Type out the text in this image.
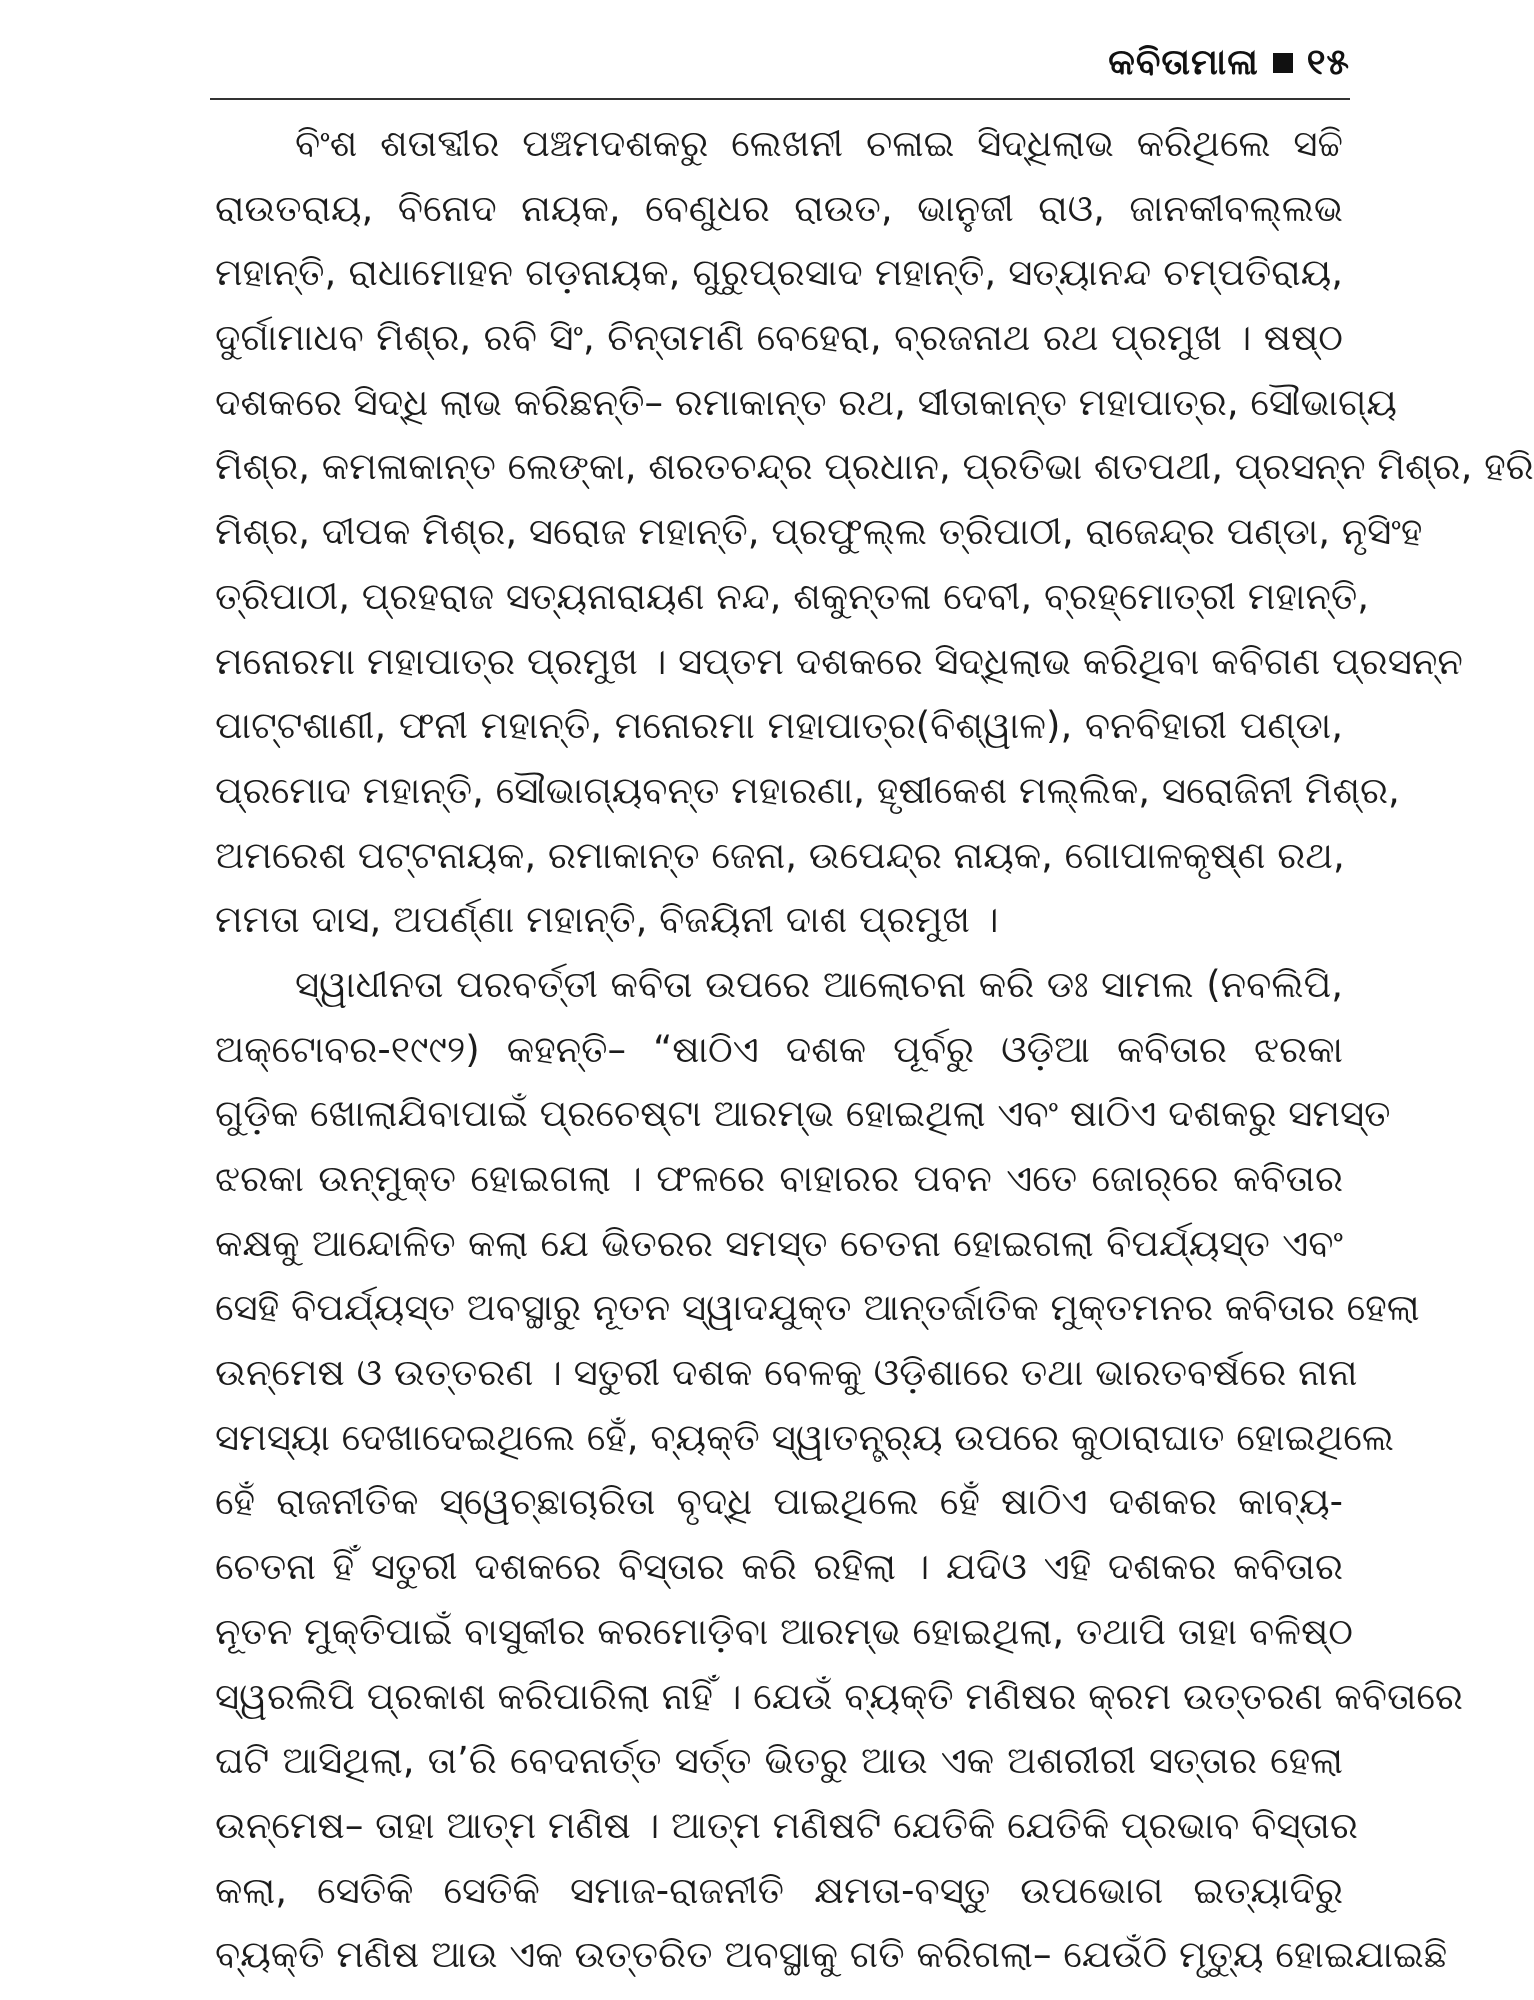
କବିତାମାଳା ୧୫
ବିଂଶ ଶତାବ୍ଦୀର ପଞ୍ଚମଦଶକରୁ ଲେଖନୀ ଚଳାଇ ସିଦ୍ଧିଲାଭ କରିଥିଲେ ସଚ୍ଚି
ରାଉତରାୟ, ବିନୋଦ ନାୟକ, ବେଣୁଧର ରାଉତ, ଭାନୁଜୀ ରାଓ, ଜାନକୀବଲ୍ଲଭ
ମହାନ୍ତି, ରାଧାମୋହନ ଗଡ଼ନାୟକ, ଗୁରୁପ୍ରସାଦ ମହାନ୍ତି, ସତ୍ୟାନନ୍ଦ ଚମ୍ପତିରାୟ,
ଦୁର୍ଗାମାଧବ ମିଶ୍ର, ରବି ସିଂ, ଚିନ୍ତାମଣି ବେହେରା, ବ୍ରଜନାଥ ରଥ ପ୍ରମୁଖ । ଷଷ୍ଠ
ଦଶକରେ ସିଦ୍ଧି ଲାଭ କରିଛନ୍ତି– ରମାକାନ୍ତ ରଥ, ସୀତାକାନ୍ତ ମହାପାତ୍ର, ସୌଭାଗ୍ୟ
ମିଶ୍ର, କମଳାକାନ୍ତ ଲେଙ୍କା, ଶରତଚନ୍ଦ୍ର ପ୍ରଧାନ, ପ୍ରତିଭା ଶତପଥୀ, ପ୍ରସନ୍ନ ମିଶ୍ର, ହରି
ମିଶ୍ର, ଦୀପକ ମିଶ୍ର, ସରୋଜ ମହାନ୍ତି, ପ୍ରଫୁଲ୍ଲ ତ୍ରିପାଠୀ, ରାଜେନ୍ଦ୍ର ପଣ୍ଡା, ନୃସିଂହ
ତ୍ରିପାଠୀ, ପ୍ରହରାଜ ସତ୍ୟନାରାୟଣ ନନ୍ଦ, ଶକୁନ୍ତଳା ଦେବୀ, ବ୍ରହ୍ମୋତ୍ରୀ ମହାନ୍ତି,
ମନୋରମା ମହାପାତ୍ର ପ୍ରମୁଖ । ସପ୍ତମ ଦଶକରେ ସିଦ୍ଧିଲାଭ କରିଥିବା କବିଗଣ ପ୍ରସନ୍ନ
ପାଟ୍ଟଶାଣୀ, ଫନୀ ମହାନ୍ତି, ମନୋରମା ମହାପାତ୍ର(ବିଶ୍ୱାଳ), ବନବିହାରୀ ପଣ୍ଡା,
ପ୍ରମୋଦ ମହାନ୍ତି, ସୌଭାଗ୍ୟବନ୍ତ ମହାରଣା, ହୃଷୀକେଶ ମଲ୍ଲିକ, ସରୋଜିନୀ ମିଶ୍ର,
ଅମରେଶ ପଟ୍ଟନାୟକ, ରମାକାନ୍ତ ଜେନା, ଉପେନ୍ଦ୍ର ନାୟକ, ଗୋପାଳକୃଷ୍ଣ ରଥ,
ମମତା ଦାସ, ଅପର୍ଣ୍ଣା ମହାନ୍ତି, ବିଜୟିନୀ ଦାଶ ପ୍ରମୁଖ ।
ସ୍ୱାଧୀନତା ପରବର୍ତ୍ତୀ କବିତା ଉପରେ ଆଲୋଚନା କରି ଡଃ ସାମଲ (ନବଲିପି,
ଅକ୍ଟୋବର-୧୯୯୨) କହନ୍ତି– “ଷାଠିଏ ଦଶକ ପୂର୍ବରୁ ଓଡ଼ିଆ କବିତାର ଝରକା
ଗୁଡ଼ିକ ଖୋଲାଯିବାପାଇଁ ପ୍ରଚେଷ୍ଟା ଆରମ୍ଭ ହୋଇଥିଲା ଏବଂ ଷାଠିଏ ଦଶକରୁ ସମସ୍ତ
ଝରକା ଉନ୍ମୁକ୍ତ ହୋଇଗଲା । ଫଳରେ ବାହାରର ପବନ ଏତେ ଜୋର୍‌ରେ କବିତାର
କକ୍ଷକୁ ଆନ୍ଦୋଳିତ କଲା ଯେ ଭିତରର ସମସ୍ତ ଚେତନା ହୋଇଗଲା ବିପର୍ଯ୍ୟସ୍ତ ଏବଂ
ସେହି ବିପର୍ଯ୍ୟସ୍ତ ଅବସ୍ଥାରୁ ନୂତନ ସ୍ୱାଦଯୁକ୍ତ ଆନ୍ତର୍ଜାତିକ ମୁକ୍ତମନର କବିତାର ହେଲା
ଉନ୍ମେଷ ଓ ଉତ୍ତରଣ । ସତୁରୀ ଦଶକ ବେଳକୁ ଓଡ଼ିଶାରେ ତଥା ଭାରତବର୍ଷରେ ନାନା
ସମସ୍ୟା ଦେଖାଦେଇଥିଲେ ହେଁ, ବ୍ୟକ୍ତି ସ୍ୱାତନ୍ତ୍ର୍ୟ ଉପରେ କୁଠାରାଘାତ ହୋଇଥିଲେ
ହେଁ ରାଜନୀତିକ ସ୍ୱେଚ୍ଛାଚାରିତା ବୃଦ୍ଧି ପାଇଥିଲେ ହେଁ ଷାଠିଏ ଦଶକର କାବ୍ୟ-
ଚେତନା ହିଁ ସତୁରୀ ଦଶକରେ ବିସ୍ତାର କରି ରହିଲା । ଯଦିଓ ଏହି ଦଶକର କବିତାର
ନୂତନ ମୁକ୍ତିପାଇଁ ବାସୁକୀର କରମୋଡ଼ିବା ଆରମ୍ଭ ହୋଇଥିଲା, ତଥାପି ତାହା ବଳିଷ୍ଠ
ସ୍ୱରଲିପି ପ୍ରକାଶ କରିପାରିଲା ନାହିଁ । ଯେଉଁ ବ୍ୟକ୍ତି ମଣିଷର କ୍ରମ ଉତ୍ତରଣ କବିତାରେ
ଘଟି ଆସିଥିଲା, ତା’ରି ବେଦନାର୍ତ୍ତ ସର୍ତ୍ତ ଭିତରୁ ଆଉ ଏକ ଅଶରୀରୀ ସତ୍ତାର ହେଲା
ଉନ୍ମେଷ– ତାହା ଆତ୍ମ ମଣିଷ । ଆତ୍ମ ମଣିଷଟି ଯେତିକି ଯେତିକି ପ୍ରଭାବ ବିସ୍ତାର
କଲା, ସେତିକି ସେତିକି ସମାଜ-ରାଜନୀତି କ୍ଷମତା-ବସ୍ତୁ ଉପଭୋଗ ଇତ୍ୟାଦିରୁ
ବ୍ୟକ୍ତି ମଣିଷ ଆଉ ଏକ ଉତ୍ତରିତ ଅବସ୍ଥାକୁ ଗତି କରିଗଲା– ଯେଉଁଠି ମୃତ୍ୟୁ ହୋଇଯାଇଛି
